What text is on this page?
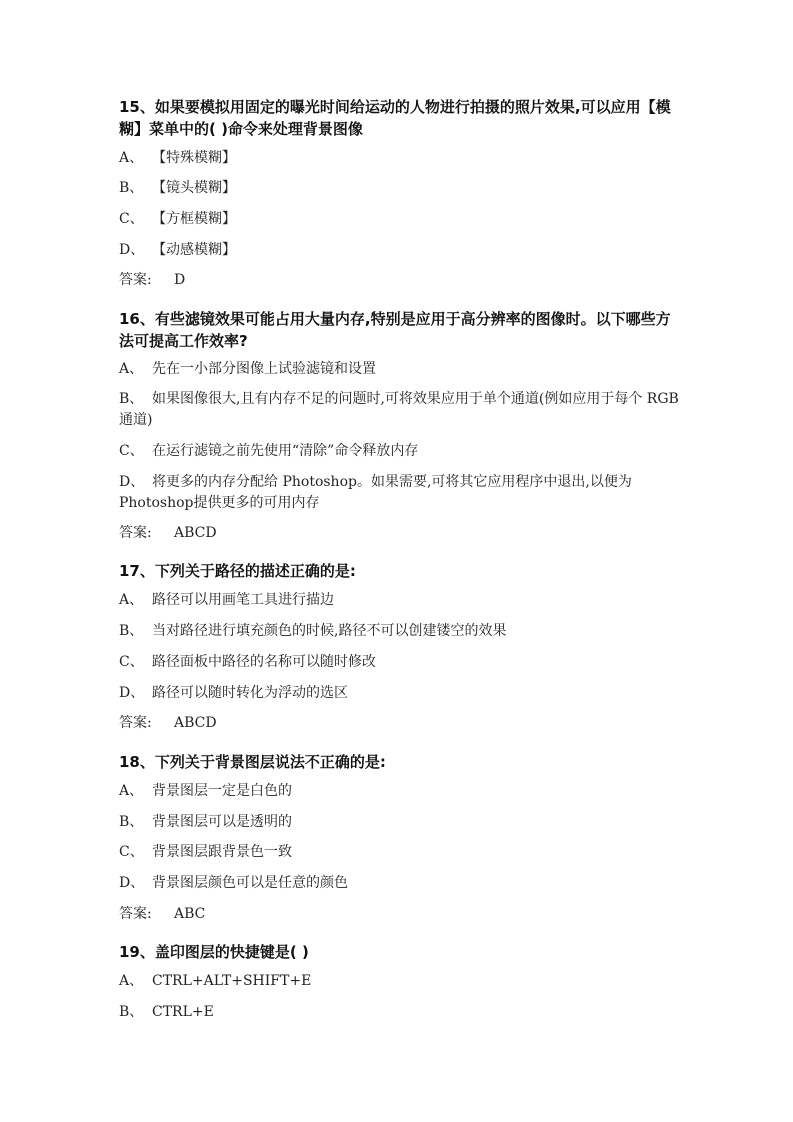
15、如果要模拟用固定的曝光时间给运动的人物进行拍摄的照片效果,可以应用【模糊】菜单中的( )命令来处理背景图像
A、 【特殊模糊】
B、 【镜头模糊】
C、 【方框模糊】
D、 【动感模糊】
答案: D
16、有些滤镜效果可能占用大量内存,特别是应用于高分辨率的图像时。以下哪些方法可提高工作效率?
A、 先在一小部分图像上试验滤镜和设置
B、 如果图像很大,且有内存不足的问题时,可将效果应用于单个通道(例如应用于每个 RGB 通道)
C、 在运行滤镜之前先使用“清除”命令释放内存
D、 将更多的内存分配给 Photoshop。如果需要,可将其它应用程序中退出,以便为Photoshop提供更多的可用内存
答案: ABCD
17、下列关于路径的描述正确的是:
A、 路径可以用画笔工具进行描边
B、 当对路径进行填充颜色的时候,路径不可以创建镂空的效果
C、 路径面板中路径的名称可以随时修改
D、 路径可以随时转化为浮动的选区
答案: ABCD
18、下列关于背景图层说法不正确的是:
A、 背景图层一定是白色的
B、 背景图层可以是透明的
C、 背景图层跟背景色一致
D、 背景图层颜色可以是任意的颜色
答案: ABC
19、盖印图层的快捷键是( )
A、 CTRL+ALT+SHIFT+E
B、 CTRL+E
